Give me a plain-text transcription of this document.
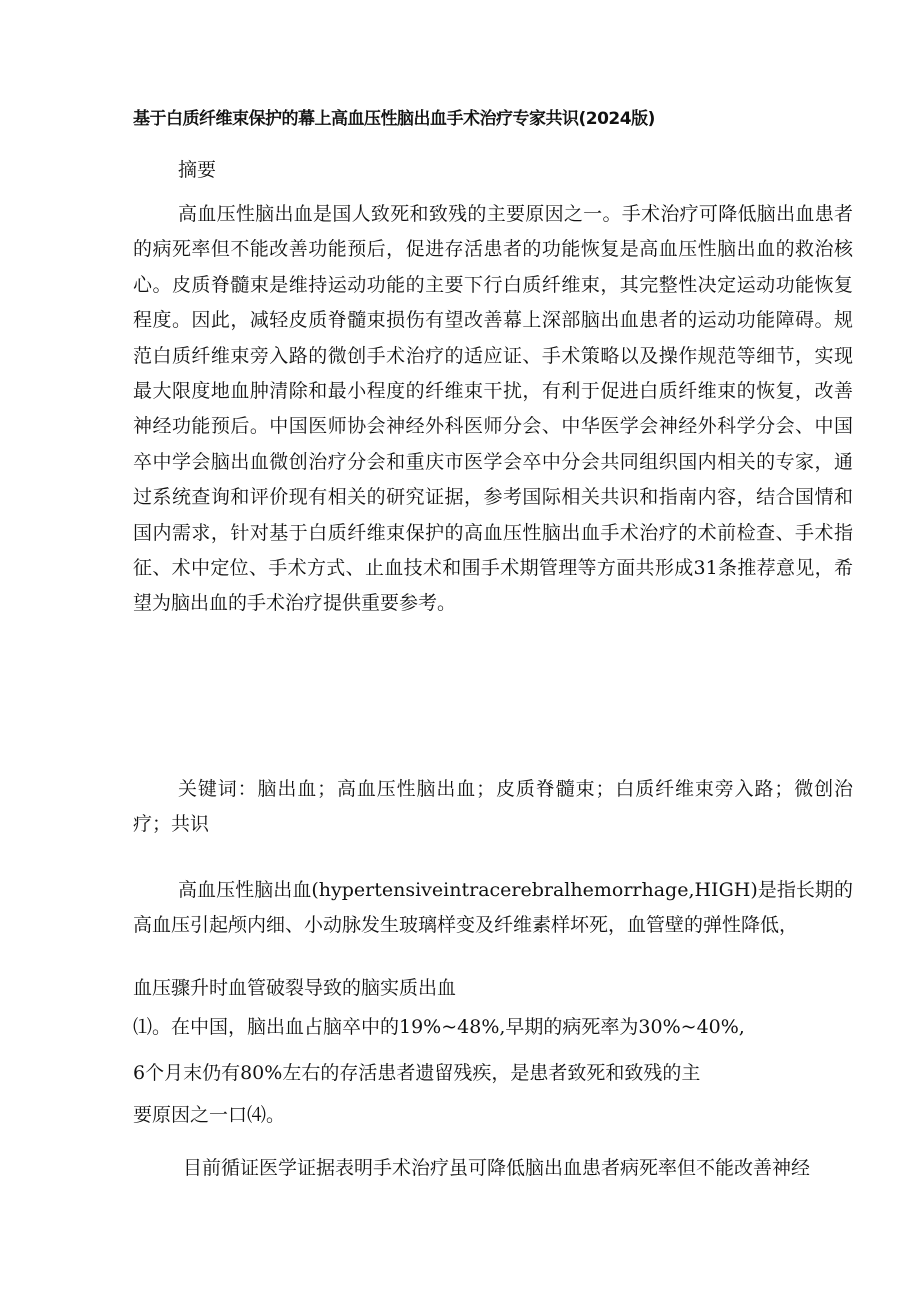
基于白质纤维束保护的幕上高血压性脑出血手术治疗专家共识(2024版)
摘要

高血压性脑出血是国人致死和致残的主要原因之一。手术治疗可降低脑出血患者的病死率但不能改善功能预后，促进存活患者的功能恢复是高血压性脑出血的救治核心。皮质脊髓束是维持运动功能的主要下行白质纤维束，其完整性决定运动功能恢复程度。因此，减轻皮质脊髓束损伤有望改善幕上深部脑出血患者的运动功能障碍。规范白质纤维束旁入路的微创手术治疗的适应证、手术策略以及操作规范等细节，实现最大限度地血肿清除和最小程度的纤维束干扰，有利于促进白质纤维束的恢复，改善神经功能预后。中国医师协会神经外科医师分会、中华医学会神经外科学分会、中国卒中学会脑出血微创治疗分会和重庆市医学会卒中分会共同组织国内相关的专家，通过系统查询和评价现有相关的研究证据，参考国际相关共识和指南内容，结合国情和国内需求，针对基于白质纤维束保护的高血压性脑出血手术治疗的术前检查、手术指征、术中定位、手术方式、止血技术和围手术期管理等方面共形成31条推荐意见，希望为脑出血的手术治疗提供重要参考。

关键词：脑出血；高血压性脑出血；皮质脊髓束；白质纤维束旁入路；微创治疗；共识

高血压性脑出血(hypertensiveintracerebralhemorrhage,HIGH)是指长期的高血压引起颅内细、小动脉发生玻璃样变及纤维素样坏死，血管壁的弹性降低，

血压骤升时血管破裂导致的脑实质出血
⑴。在中国，脑出血占脑卒中的19%~48%,早期的病死率为30%~40%,
6个月末仍有80%左右的存活患者遗留残疾，是患者致死和致残的主
要原因之一口⑷。
目前循证医学证据表明手术治疗虽可降低脑出血患者病死率但不能改善神经
